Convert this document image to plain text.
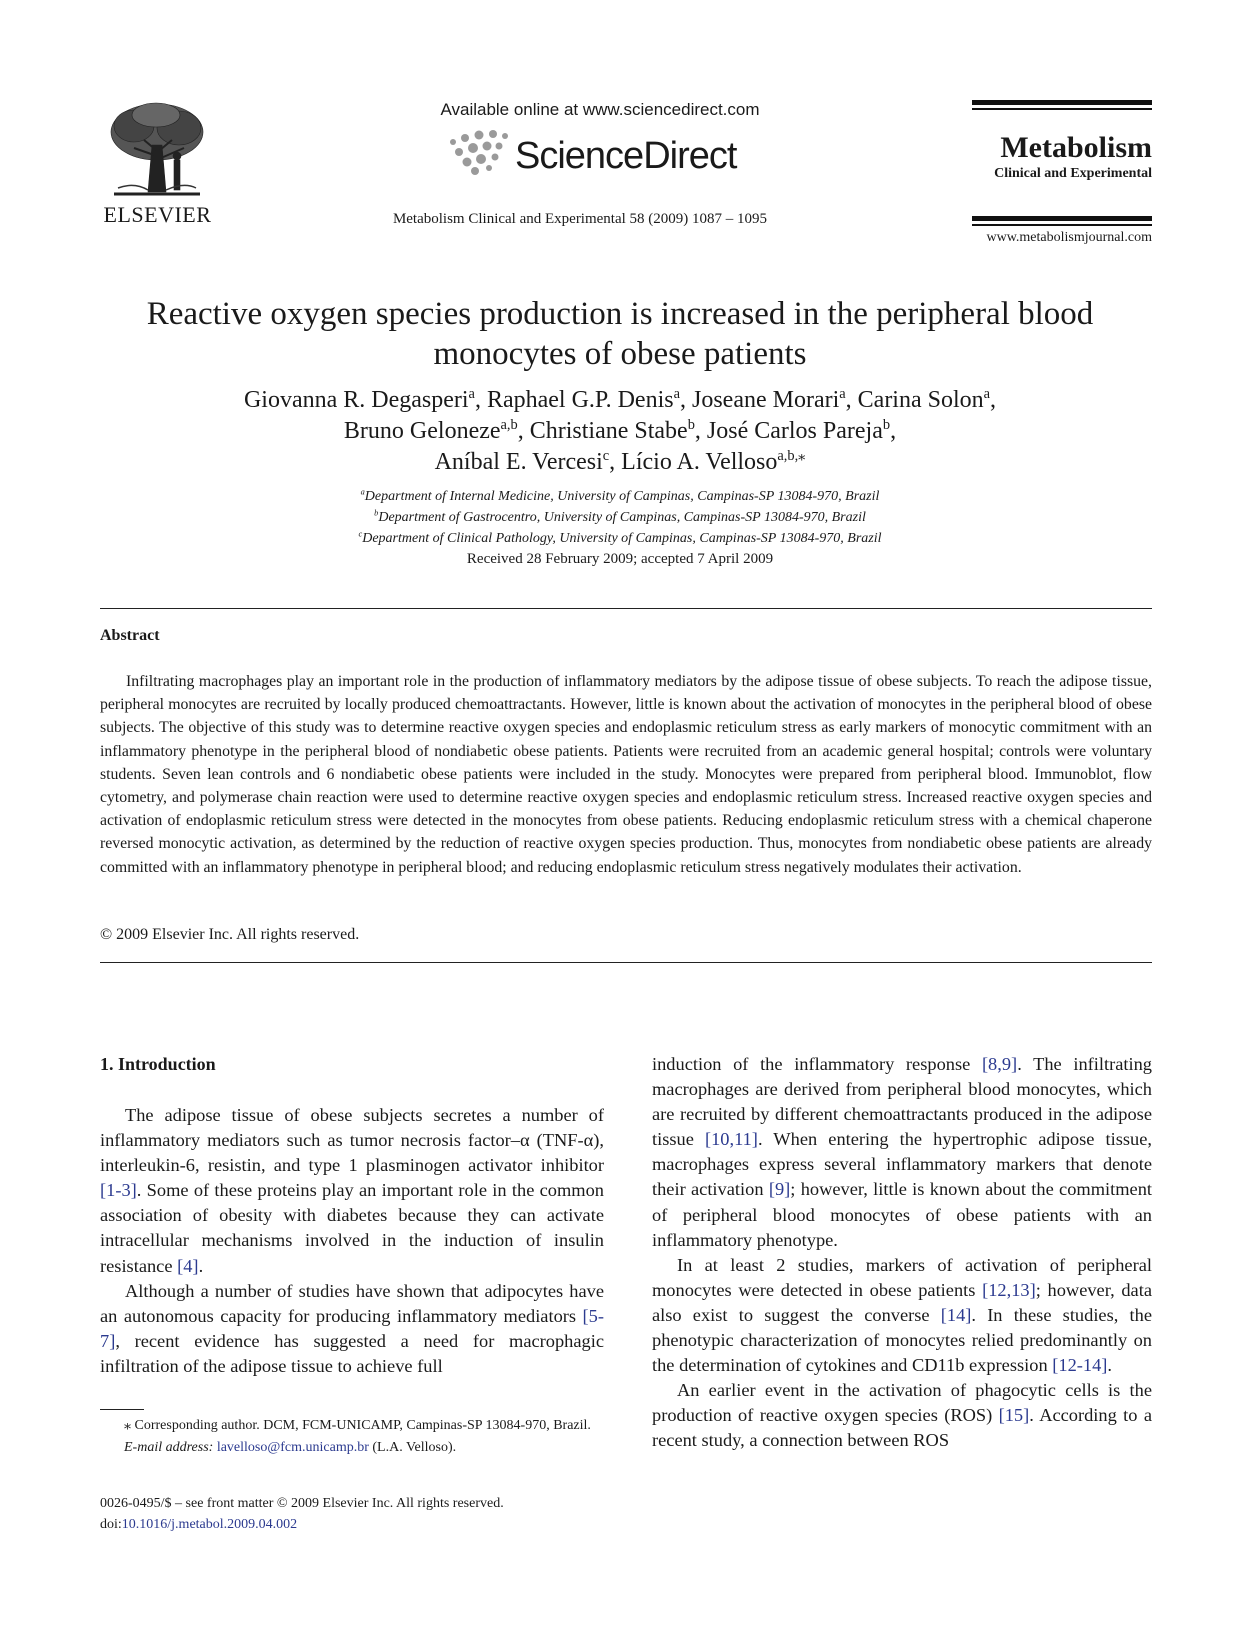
ELSEVIER
Available online at www.sciencedirect.com
ScienceDirect
Metabolism Clinical and Experimental 58 (2009) 1087 – 1095
Metabolism
Clinical and Experimental
www.metabolismjournal.com
Reactive oxygen species production is increased in the peripheral blood
monocytes of obese patients
Giovanna R. Degasperi$^a$, Raphael G.P. Denis$^a$, Joseane Morari$^a$, Carina Solon$^a$,
Bruno Geloneze$^{a,b}$, Christiane Stabe$^b$, José Carlos Pareja$^b$,
Aníbal E. Vercesi$^c$, Lício A. Velloso$^{a,b,⁎}$
$^a$Department of Internal Medicine, University of Campinas, Campinas-SP 13084-970, Brazil
$^b$Department of Gastrocentro, University of Campinas, Campinas-SP 13084-970, Brazil
$^c$Department of Clinical Pathology, University of Campinas, Campinas-SP 13084-970, Brazil
Received 28 February 2009; accepted 7 April 2009
Abstract

Infiltrating macrophages play an important role in the production of inflammatory mediators by the adipose tissue of obese subjects. To reach the adipose tissue, peripheral monocytes are recruited by locally produced chemoattractants. However, little is known about the activation of monocytes in the peripheral blood of obese subjects. The objective of this study was to determine reactive oxygen species and endoplasmic reticulum stress as early markers of monocytic commitment with an inflammatory phenotype in the peripheral blood of nondiabetic obese patients. Patients were recruited from an academic general hospital; controls were voluntary students. Seven lean controls and 6 nondiabetic obese patients were included in the study. Monocytes were prepared from peripheral blood. Immunoblot, flow cytometry, and polymerase chain reaction were used to determine reactive oxygen species and endoplasmic reticulum stress. Increased reactive oxygen species and activation of endoplasmic reticulum stress were detected in the monocytes from obese patients. Reducing endoplasmic reticulum stress with a chemical chaperone reversed monocytic activation, as determined by the reduction of reactive oxygen species production. Thus, monocytes from nondiabetic obese patients are already committed with an inflammatory phenotype in peripheral blood; and reducing endoplasmic reticulum stress negatively modulates their activation.

© 2009 Elsevier Inc. All rights reserved.
1. Introduction

The adipose tissue of obese subjects secretes a number of inflammatory mediators such as tumor necrosis factor–α (TNF-α), interleukin-6, resistin, and type 1 plasminogen activator inhibitor [1-3]. Some of these proteins play an important role in the common association of obesity with diabetes because they can activate intracellular mechanisms involved in the induction of insulin resistance [4].

Although a number of studies have shown that adipocytes have an autonomous capacity for producing inflammatory mediators [5-7], recent evidence has suggested a need for macrophagic infiltration of the adipose tissue to achieve full

induction of the inflammatory response [8,9]. The infiltrating macrophages are derived from peripheral blood monocytes, which are recruited by different chemoattractants produced in the adipose tissue [10,11]. When entering the hypertrophic adipose tissue, macrophages express several inflammatory markers that denote their activation [9]; however, little is known about the commitment of peripheral blood monocytes of obese patients with an inflammatory phenotype.

In at least 2 studies, markers of activation of peripheral monocytes were detected in obese patients [12,13]; however, data also exist to suggest the converse [14]. In these studies, the phenotypic characterization of monocytes relied predominantly on the determination of cytokines and CD11b expression [12-14].

An earlier event in the activation of phagocytic cells is the production of reactive oxygen species (ROS) [15]. According to a recent study, a connection between ROS

⁎ Corresponding author. DCM, FCM-UNICAMP, Campinas-SP 13084-970, Brazil.
E-mail address: lavelloso@fcm.unicamp.br (L.A. Velloso).
0026-0495/$ – see front matter © 2009 Elsevier Inc. All rights reserved.
doi:10.1016/j.metabol.2009.04.002
